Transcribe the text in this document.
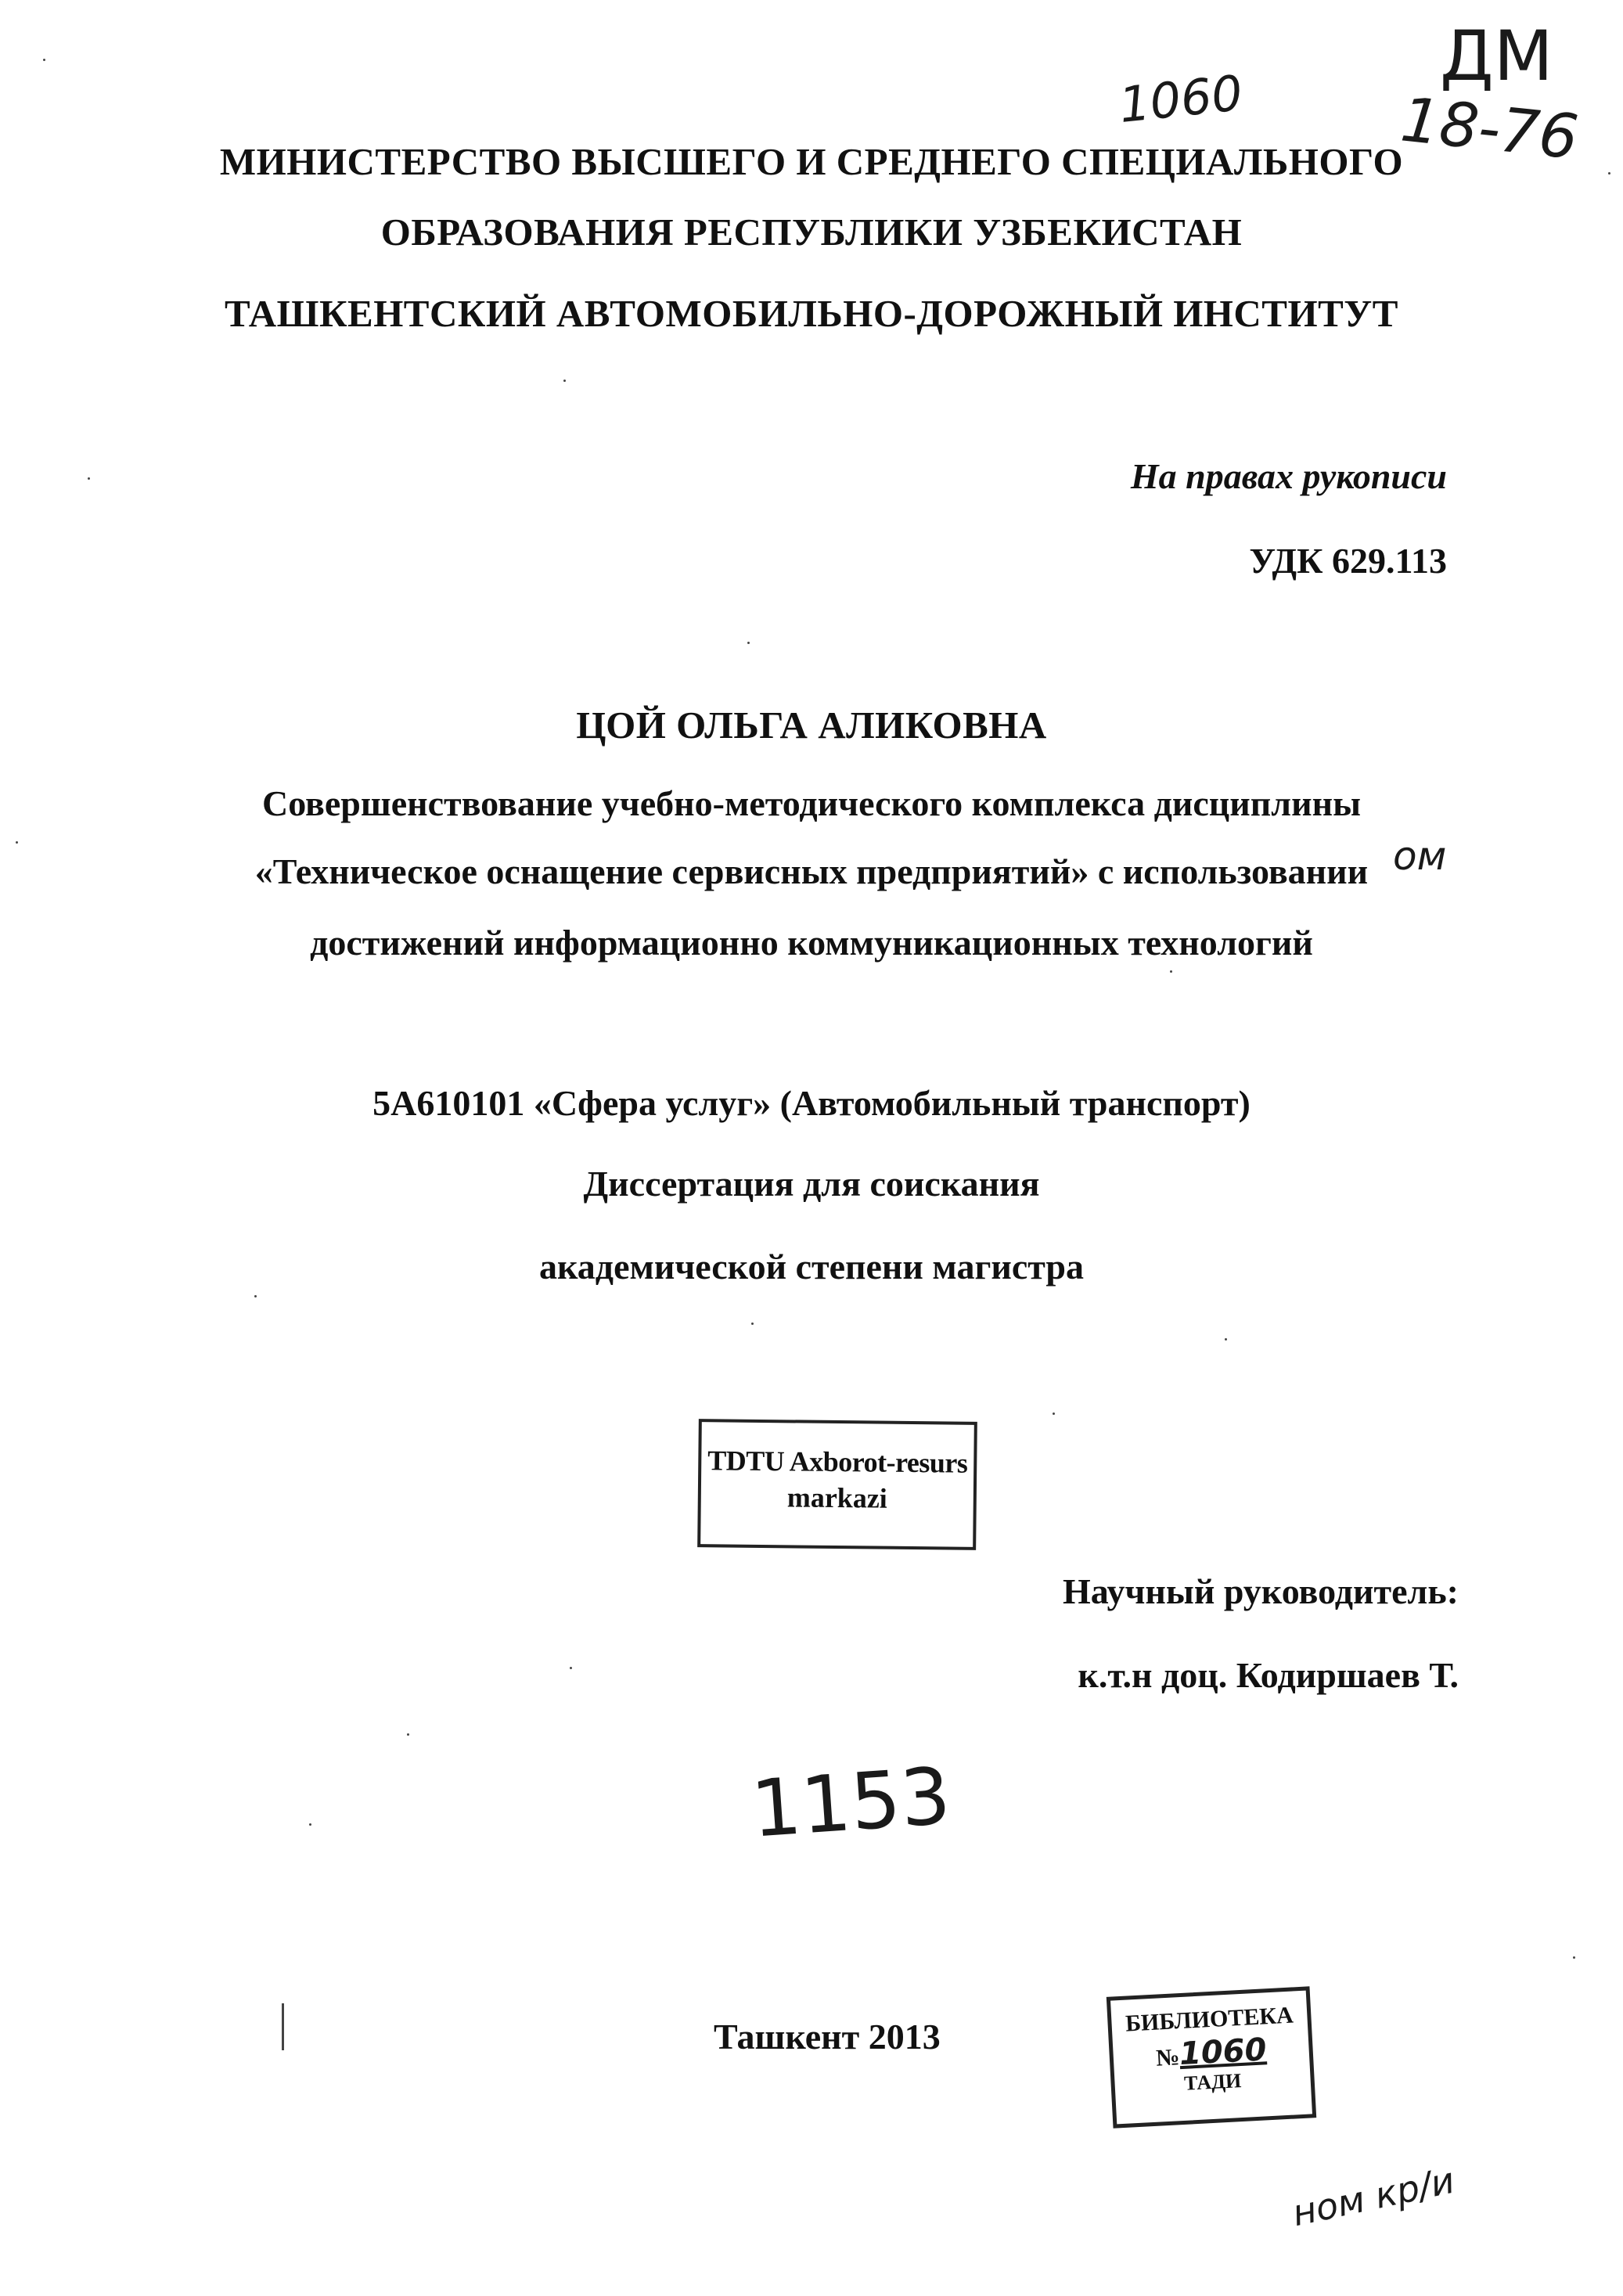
МИНИСТЕРСТВО ВЫСШЕГО И СРЕДНЕГО СПЕЦИАЛЬНОГО

ОБРАЗОВАНИЯ РЕСПУБЛИКИ УЗБЕКИСТАН

ТАШКЕНТСКИЙ АВТОМОБИЛЬНО-ДОРОЖНЫЙ ИНСТИТУТ

На правах рукописи

УДК 629.113

ЦОЙ ОЛЬГА АЛИКОВНА

Совершенствование учебно-методического комплекса дисциплины

«Техническое оснащение сервисных предприятий» с использовании

достижений информационно коммуникационных технологий

5А610101 «Сфера услуг» (Автомобильный транспорт)

Диссертация для соискания

академической степени магистра

TDTU Axborot-resurs
markazi

Научный руководитель:

к.т.н доц. Кодиршаев Т.

Ташкент 2013	БИБЛИОТЕКА
№1060
ТАДИ
1060
ДМ
18-76
ом
1153
ном кр/и
